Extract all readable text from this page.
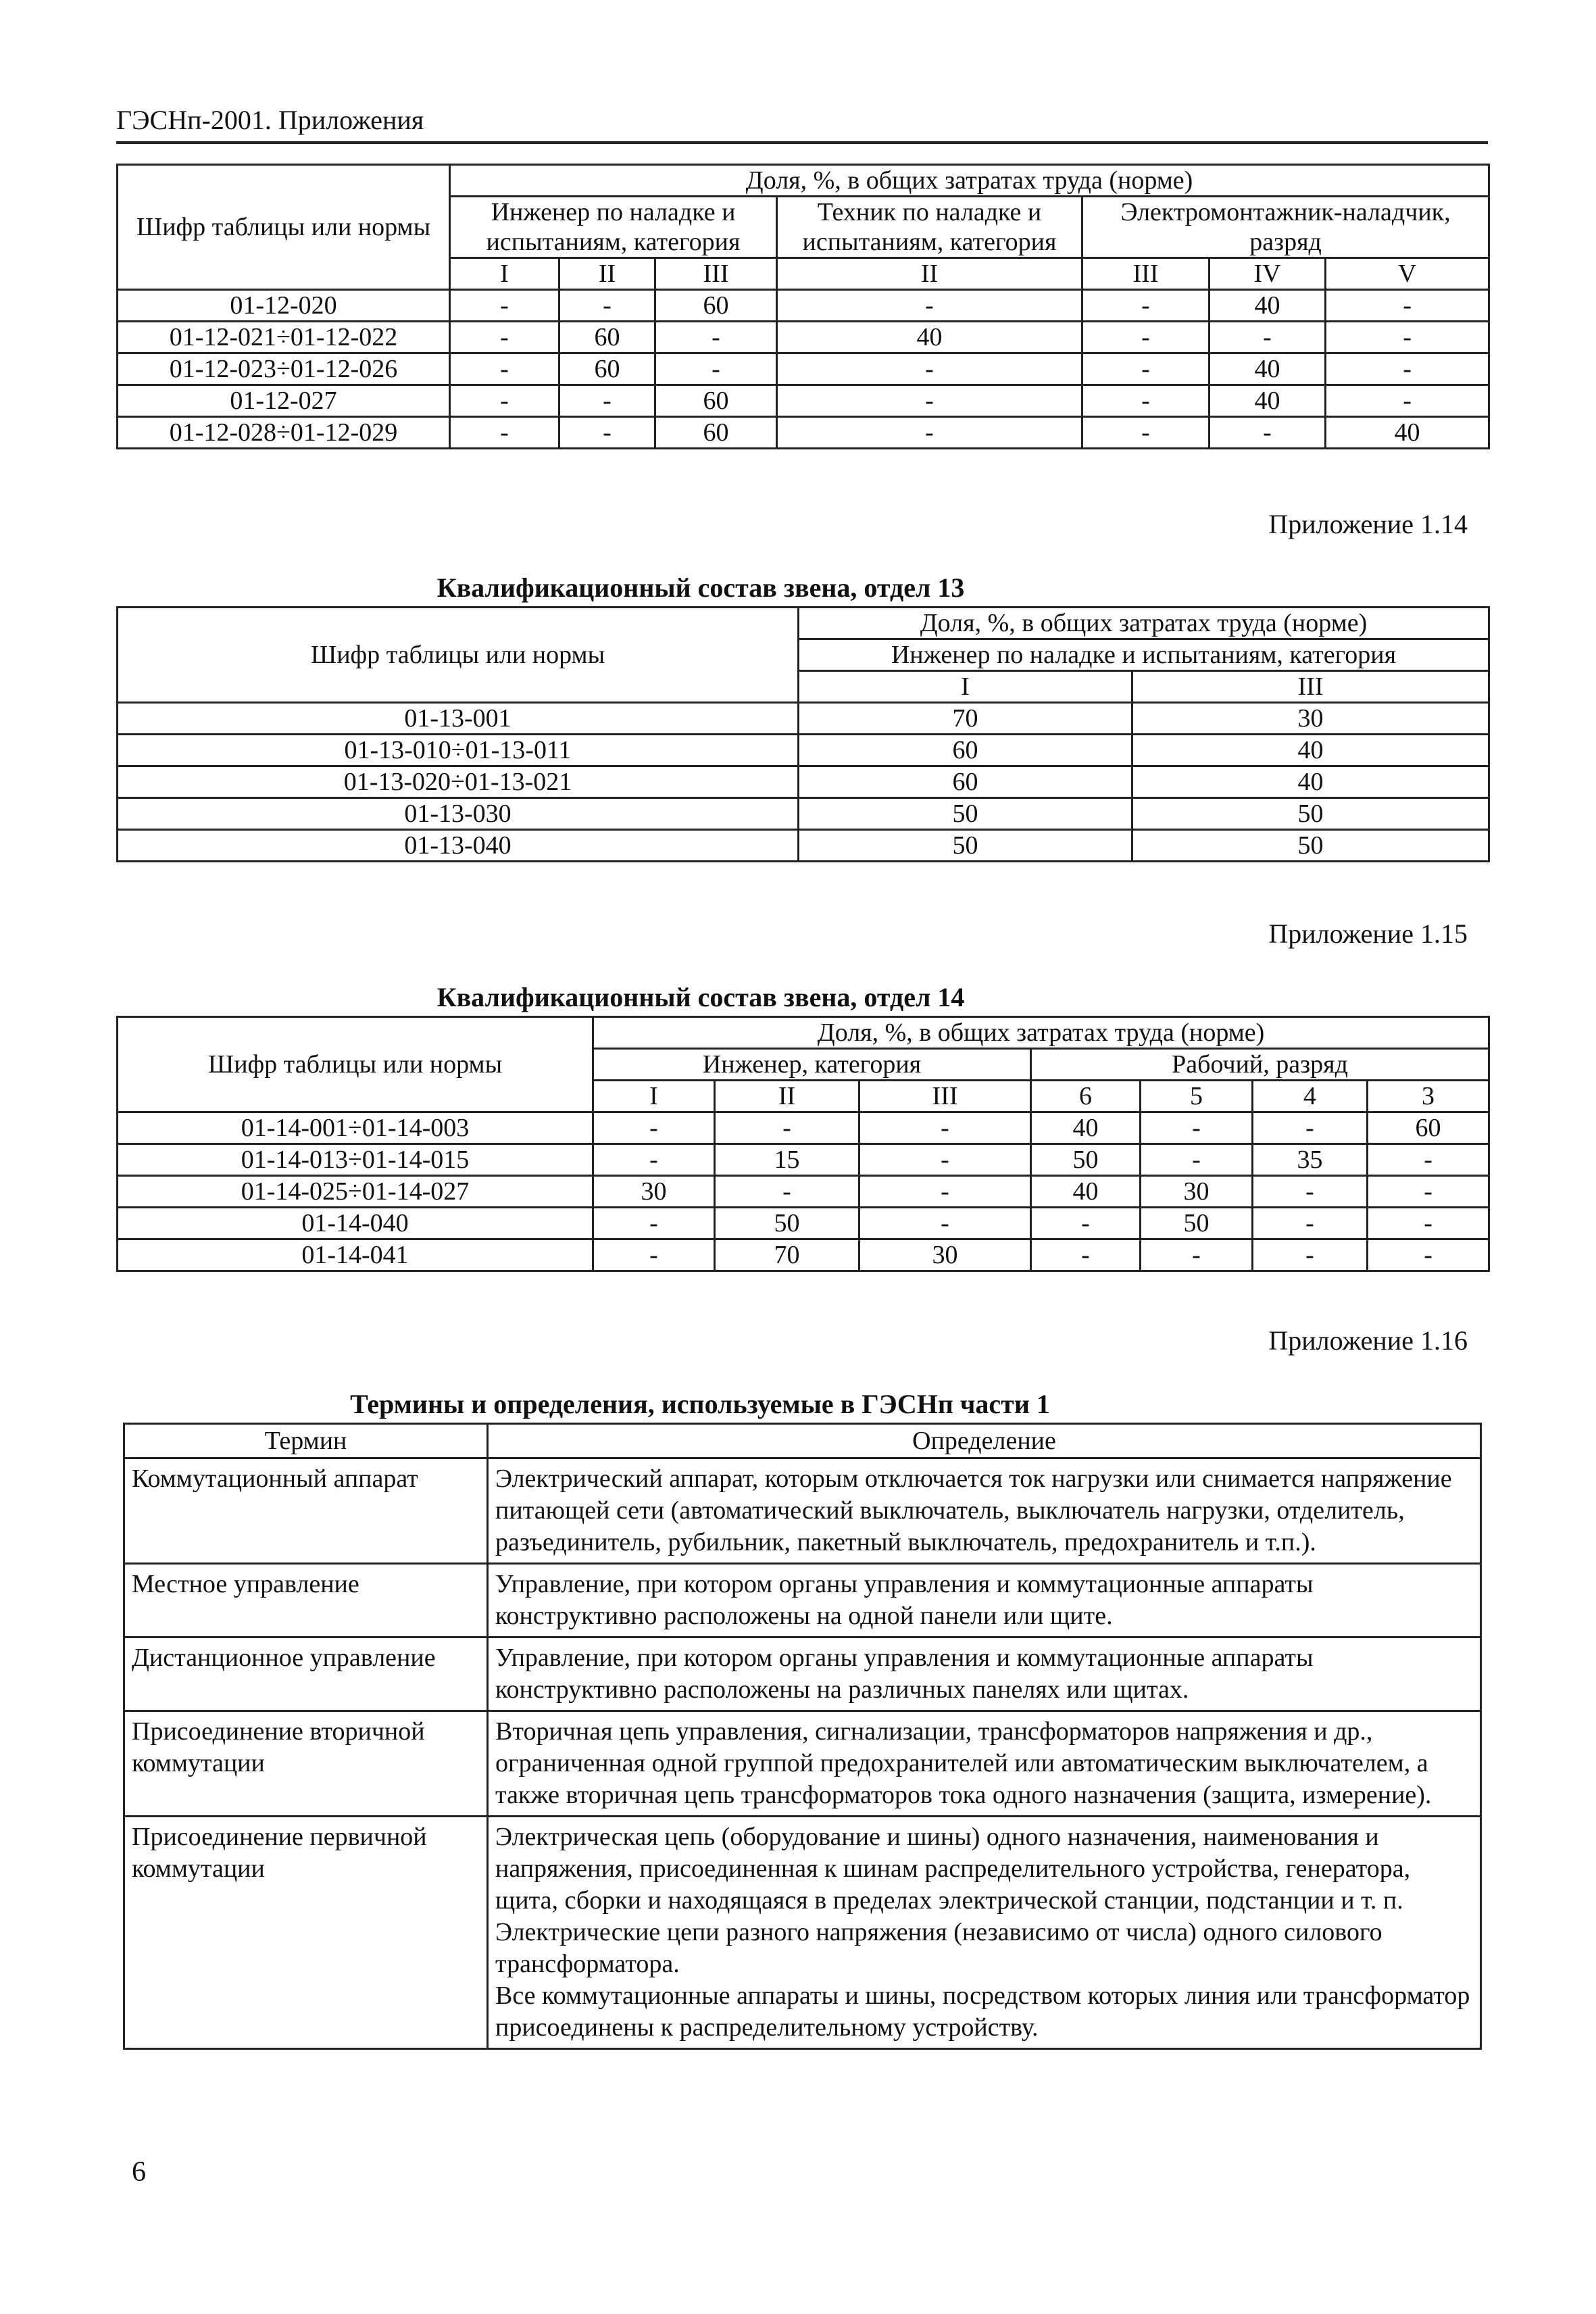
ГЭСНп-2001. Приложения
Шифр таблицы или нормы	Доля, %, в общих затратах труда (норме)						
	Инженер по наладке и испытаниям, категория			Техник по наладке и испытаниям, категория	Электромонтажник-наладчик, разряд		
	I	II	III	II	III	IV	V
01-12-020	-	-	60	-	-	40	-
01-12-021÷01-12-022	-	60	-	40	-	-	-
01-12-023÷01-12-026	-	60	-	-	-	40	-
01-12-027	-	-	60	-	-	40	-
01-12-028÷01-12-029	-	-	60	-	-	-	40
Приложение 1.14
Квалификационный состав звена, отдел 13
Шифр таблицы или нормы	Доля, %, в общих затратах труда (норме)	
	Инженер по наладке и испытаниям, категория	
	I	III
01-13-001	70	30
01-13-010÷01-13-011	60	40
01-13-020÷01-13-021	60	40
01-13-030	50	50
01-13-040	50	50
Приложение 1.15
Квалификационный состав звена, отдел 14
Шифр таблицы или нормы	Доля, %, в общих затратах труда (норме)						
	Инженер, категория			Рабочий, разряд			
	I	II	III	6	5	4	3
01-14-001÷01-14-003	-	-	-	40	-	-	60
01-14-013÷01-14-015	-	15	-	50	-	35	-
01-14-025÷01-14-027	30	-	-	40	30	-	-
01-14-040	-	50	-	-	50	-	-
01-14-041	-	70	30	-	-	-	-
Приложение 1.16
Термины и определения, используемые в ГЭСНп части 1
Термин	Определение
Коммутационный аппарат	Электрический аппарат, которым отключается ток нагрузки или снимается напряжение питающей сети (автоматический выключатель, выключатель нагрузки, отделитель, разъединитель, рубильник, пакетный выключатель, предохранитель и т.п.).

Местное управление	Управление, при котором органы управления и коммутационные аппараты конструктивно расположены на одной панели или щите.

Дистанционное управление	Управление, при котором органы управления и коммутационные аппараты конструктивно расположены на различных панелях или щитах.

Присоединение вторичной коммутации	Вторичная цепь управления, сигнализации, трансформаторов напряжения и др., ограниченная одной группой предохранителей или автоматическим выключателем, а также вторичная цепь трансформаторов тока одного назначения (защита, измерение).

Присоединение первичной коммутации	Электрическая цепь (оборудование и шины) одного назначения, наименования и напряжения, присоединенная к шинам распределительного устройства, генератора, щита, сборки и находящаяся в пределах электрической станции, подстанции и т. п.
Электрические цепи разного напряжения (независимо от числа) одного силового трансформатора.
Все коммутационные аппараты и шины, посредством которых линия или трансформатор присоединены к распределительному устройству.
6
